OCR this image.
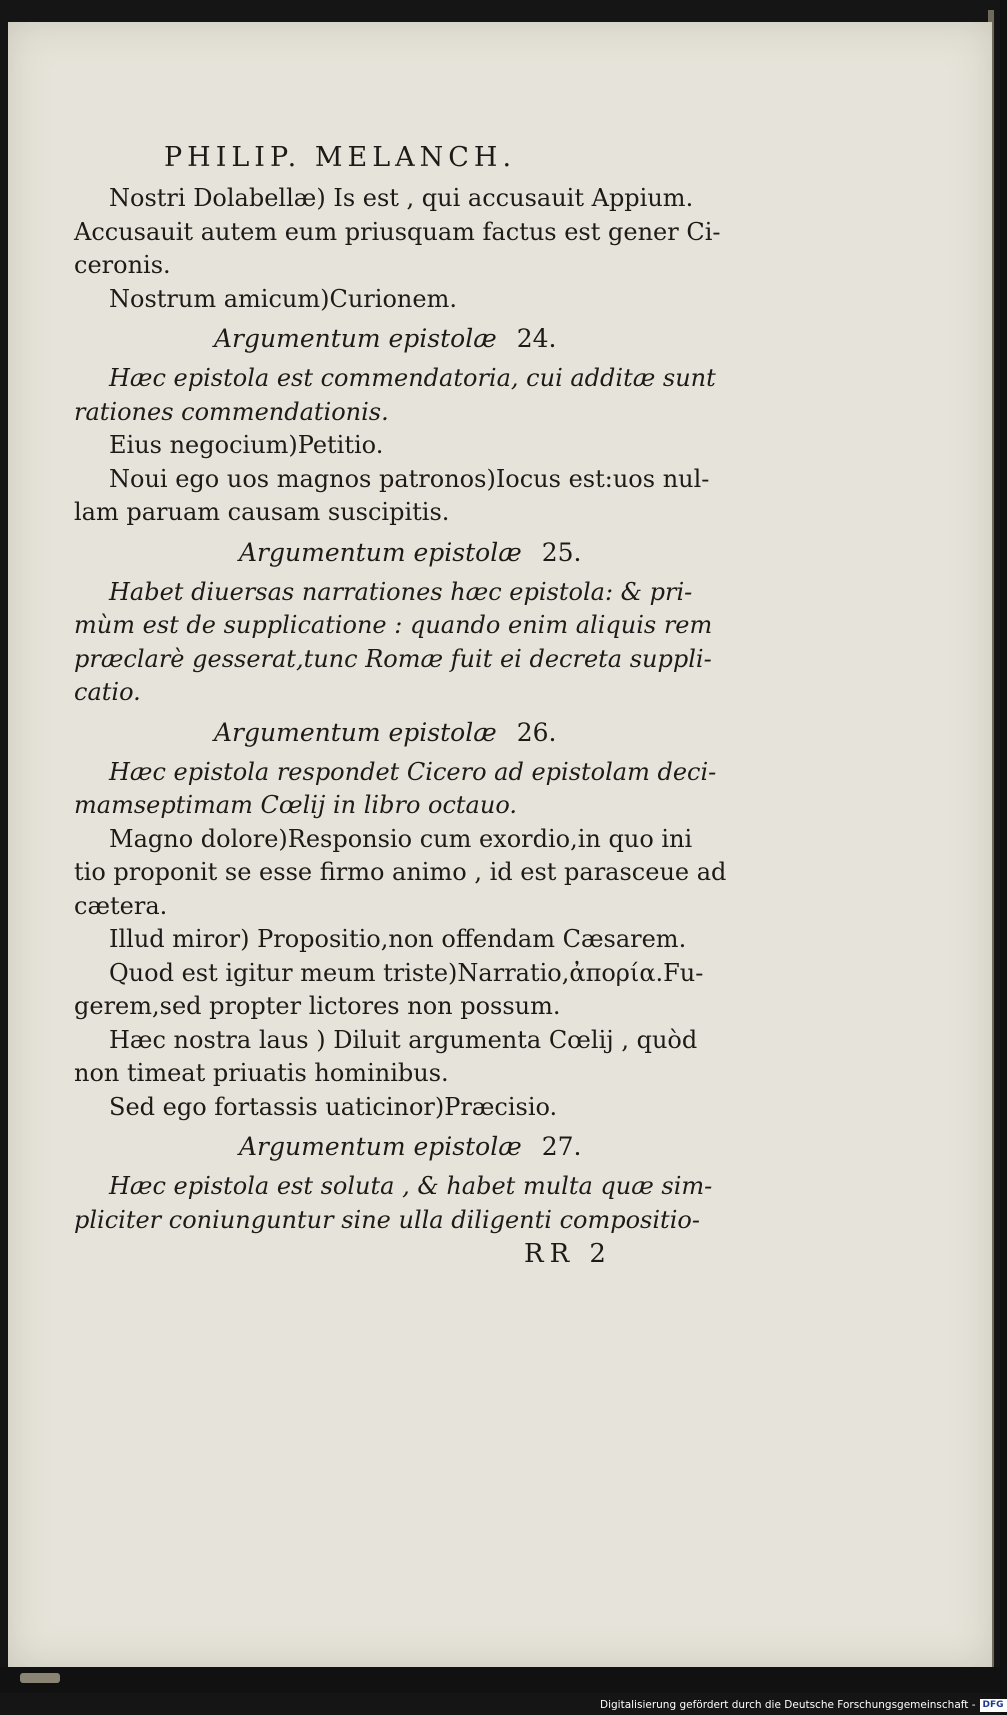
PHILIP. MELANCH.
Nostri Dolabellæ) Is est , qui accusauit Appium.
Accusauit autem eum priusquam factus est gener Ci-
ceronis.
Nostrum amicum)Curionem.
Argumentum epistolæ 24.
Hæc epistola est commendatoria, cui additæ sunt
rationes commendationis.
Eius negocium)Petitio.
Noui ego uos magnos patronos)Iocus est:uos nul-
lam paruam causam suscipitis.
Argumentum epistolæ 25.
Habet diuersas narrationes hæc epistola: & pri-
mùm est de supplicatione : quando enim aliquis rem
præclarè gesserat,tunc Romæ fuit ei decreta suppli-
catio.
Argumentum epistolæ 26.
Hæc epistola respondet Cicero ad epistolam deci-
mamseptimam Cœlij in libro octauo.
Magno dolore)Responsio cum exordio,in quo ini
tio proponit se esse firmo animo , id est parasceue ad
cætera.
Illud miror) Propositio,non offendam Cæsarem.
Quod est igitur meum triste)Narratio,ἀπορία.Fu-
gerem,sed propter lictores non possum.
Hæc nostra laus ) Diluit argumenta Cœlij , quòd
non timeat priuatis hominibus.
Sed ego fortassis uaticinor)Præcisio.
Argumentum epistolæ 27.
Hæc epistola est soluta , & habet multa quæ sim-
pliciter coniunguntur sine ulla diligenti compositio-
RR 2
Digitalisierung gefördert durch die Deutsche Forschungsgemeinschaft - DFG
